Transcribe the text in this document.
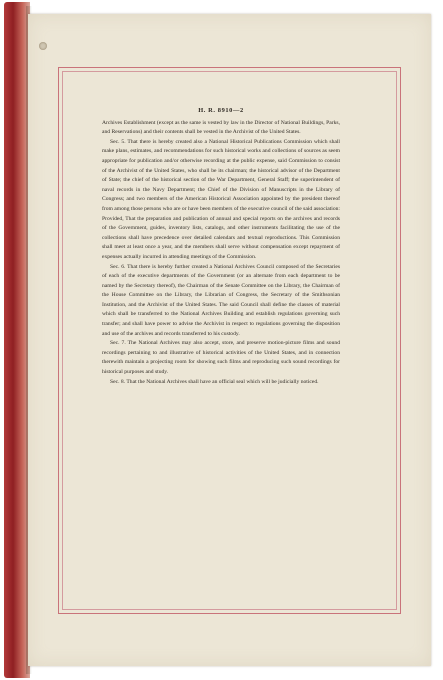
H. R. 8910—2

Archives Establishment (except as the same is vested by law in the Director of National Buildings, Parks, and Reservations) and their contents shall be vested in the Archivist of the United States.

Sec. 5. That there is hereby created also a National Historical Publications Commission which shall make plans, estimates, and recommendations for such historical works and collections of sources as seem appropriate for publication and/or otherwise recording at the public expense, said Commission to consist of the Archivist of the United States, who shall be its chairman; the historical advisor of the Department of State; the chief of the historical section of the War Department, General Staff; the superintendent of naval records in the Navy Department; the Chief of the Division of Manuscripts in the Library of Congress; and two members of the American Historical Association appointed by the president thereof from among those persons who are or have been members of the executive council of the said association: Provided, That the preparation and publication of annual and special reports on the archives and records of the Government, guides, inventory lists, catalogs, and other instruments facilitating the use of the collections shall have precedence over detailed calendars and textual reproductions. This Commission shall meet at least once a year, and the members shall serve without compensation except repayment of expenses actually incurred in attending meetings of the Commission.

Sec. 6. That there is hereby further created a National Archives Council composed of the Secretaries of each of the executive departments of the Government (or an alternate from each department to be named by the Secretary thereof), the Chairman of the Senate Committee on the Library, the Chairman of the House Committee on the Library, the Librarian of Congress, the Secretary of the Smithsonian Institution, and the Archivist of the United States. The said Council shall define the classes of material which shall be transferred to the National Archives Building and establish regulations governing such transfer; and shall have power to advise the Archivist in respect to regulations governing the disposition and use of the archives and records transferred to his custody.

Sec. 7. The National Archives may also accept, store, and preserve motion-picture films and sound recordings pertaining to and illustrative of historical activities of the United States, and in connection therewith maintain a projecting room for showing such films and reproducing such sound recordings for historical purposes and study.

Sec. 8. That the National Archives shall have an official seal which will be judicially noticed.
